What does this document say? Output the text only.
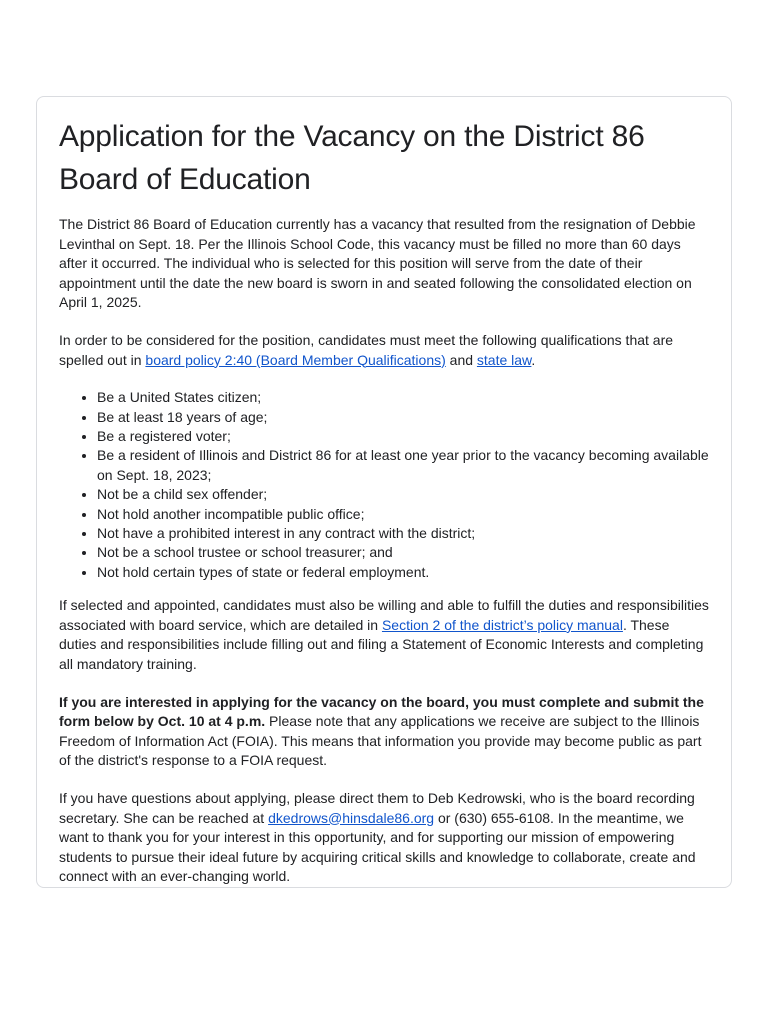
Application for the Vacancy on the District 86 Board of Education

The District 86 Board of Education currently has a vacancy that resulted from the resignation of Debbie Levinthal on Sept. 18. Per the Illinois School Code, this vacancy must be filled no more than 60 days after it occurred. The individual who is selected for this position will serve from the date of their appointment until the date the new board is sworn in and seated following the consolidated election on April 1, 2025.

In order to be considered for the position, candidates must meet the following qualifications that are spelled out in board policy 2:40 (Board Member Qualifications) and state law.

• Be a United States citizen;
• Be at least 18 years of age;
• Be a registered voter;
• Be a resident of Illinois and District 86 for at least one year prior to the vacancy becoming available on Sept. 18, 2023;
• Not be a child sex offender;
• Not hold another incompatible public office;
• Not have a prohibited interest in any contract with the district;
• Not be a school trustee or school treasurer; and
• Not hold certain types of state or federal employment.

If selected and appointed, candidates must also be willing and able to fulfill the duties and responsibilities associated with board service, which are detailed in Section 2 of the district’s policy manual. These duties and responsibilities include filling out and filing a Statement of Economic Interests and completing all mandatory training.

If you are interested in applying for the vacancy on the board, you must complete and submit the form below by Oct. 10 at 4 p.m. Please note that any applications we receive are subject to the Illinois Freedom of Information Act (FOIA). This means that information you provide may become public as part of the district's response to a FOIA request.

If you have questions about applying, please direct them to Deb Kedrowski, who is the board recording secretary. She can be reached at dkedrows@hinsdale86.org or (630) 655-6108. In the meantime, we want to thank you for your interest in this opportunity, and for supporting our mission of empowering students to pursue their ideal future by acquiring critical skills and knowledge to collaborate, create and connect with an ever-changing world.
